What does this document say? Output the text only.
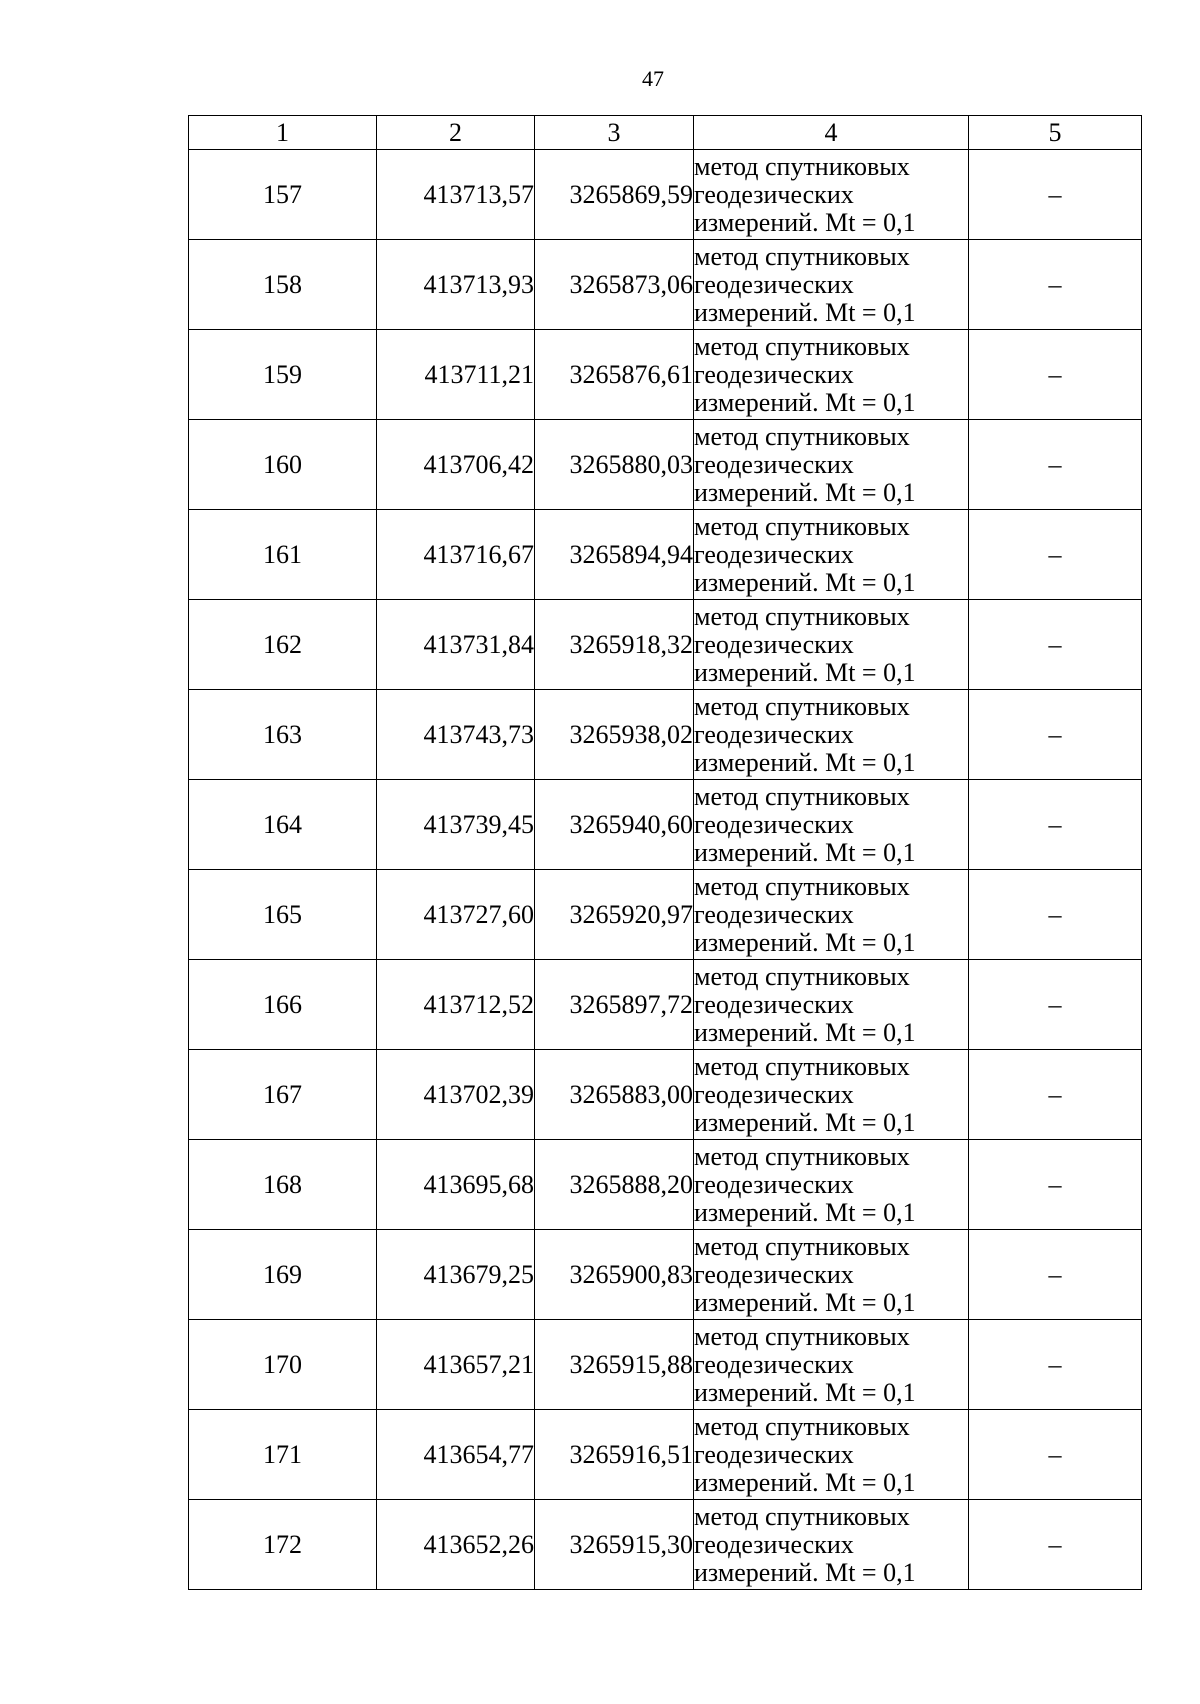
47
1	2	3	4	5
157	413713,57	3265869,59	метод спутниковых
геодезических
измерений. Mt = 0,1	–
158	413713,93	3265873,06	метод спутниковых
геодезических
измерений. Mt = 0,1	–
159	413711,21	3265876,61	метод спутниковых
геодезических
измерений. Mt = 0,1	–
160	413706,42	3265880,03	метод спутниковых
геодезических
измерений. Mt = 0,1	–
161	413716,67	3265894,94	метод спутниковых
геодезических
измерений. Mt = 0,1	–
162	413731,84	3265918,32	метод спутниковых
геодезических
измерений. Mt = 0,1	–
163	413743,73	3265938,02	метод спутниковых
геодезических
измерений. Mt = 0,1	–
164	413739,45	3265940,60	метод спутниковых
геодезических
измерений. Mt = 0,1	–
165	413727,60	3265920,97	метод спутниковых
геодезических
измерений. Mt = 0,1	–
166	413712,52	3265897,72	метод спутниковых
геодезических
измерений. Mt = 0,1	–
167	413702,39	3265883,00	метод спутниковых
геодезических
измерений. Mt = 0,1	–
168	413695,68	3265888,20	метод спутниковых
геодезических
измерений. Mt = 0,1	–
169	413679,25	3265900,83	метод спутниковых
геодезических
измерений. Mt = 0,1	–
170	413657,21	3265915,88	метод спутниковых
геодезических
измерений. Mt = 0,1	–
171	413654,77	3265916,51	метод спутниковых
геодезических
измерений. Mt = 0,1	–
172	413652,26	3265915,30	метод спутниковых
геодезических
измерений. Mt = 0,1	–
